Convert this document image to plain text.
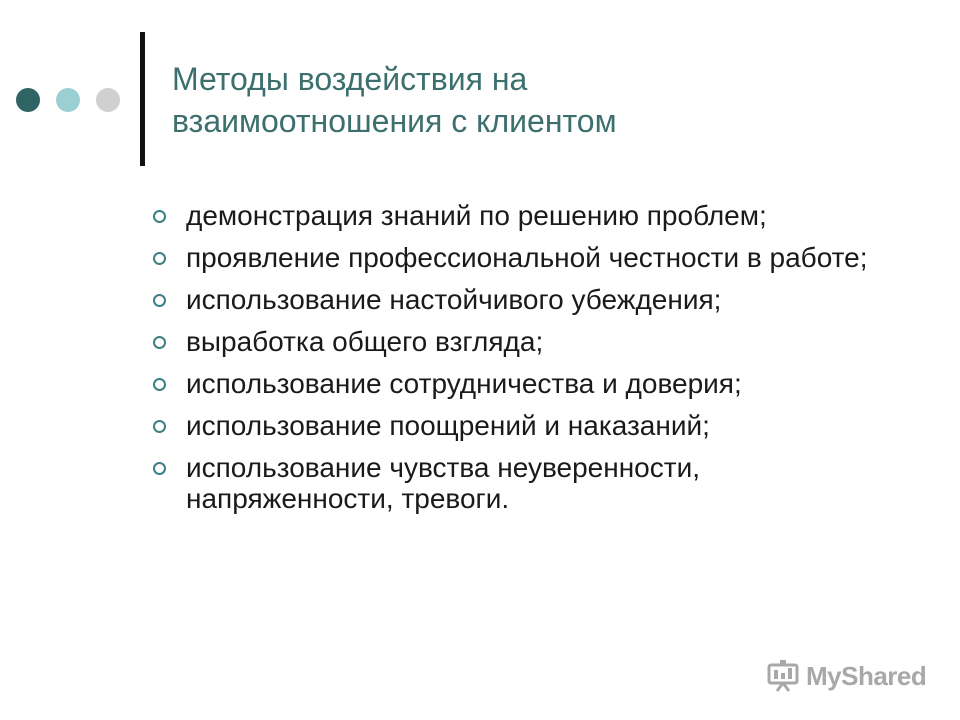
Методы воздействия на
взаимоотношения с клиентом
демонстрация знаний по решению проблем;
проявление профессиональной честности в работе;
использование настойчивого убеждения;
выработка общего взгляда;
использование сотрудничества и доверия;
использование поощрений и наказаний;
использование чувства неуверенности, напряженности, тревоги.
MyShared
